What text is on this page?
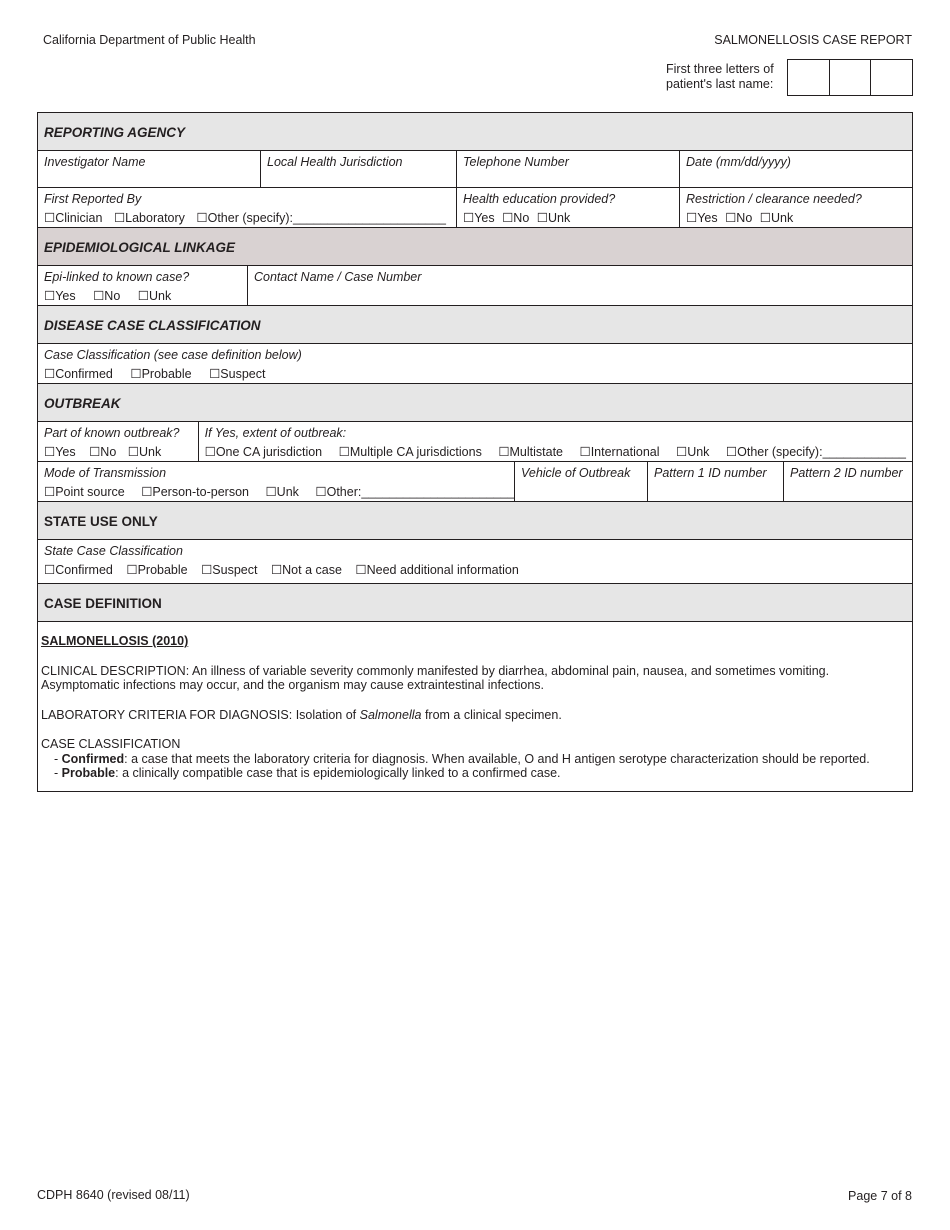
California Department of Public Health	SALMONELLOSIS CASE REPORT
First three letters of patient's last name:
REPORTING AGENCY
Investigator Name	Local Health Jurisdiction	Telephone Number	Date (mm/dd/yyyy)
First Reported By
☐Clinician ☐Laboratory ☐Other (specify):______________________
Health education provided?
☐Yes ☐No ☐Unk
Restriction / clearance needed?
☐Yes ☐No ☐Unk
EPIDEMIOLOGICAL LINKAGE
Epi-linked to known case?
☐Yes ☐No ☐Unk
Contact Name / Case Number
DISEASE CASE CLASSIFICATION
Case Classification (see case definition below)
☐Confirmed ☐Probable ☐Suspect
OUTBREAK
Part of known outbreak?
☐Yes ☐No ☐Unk
If Yes, extent of outbreak:
☐One CA jurisdiction ☐Multiple CA jurisdictions ☐Multistate ☐International ☐Unk ☐Other (specify):____________
Mode of Transmission
☐Point source ☐Person-to-person ☐Unk ☐Other:______________________
Vehicle of Outbreak	Pattern 1 ID number	Pattern 2 ID number
STATE USE ONLY
State Case Classification
☐Confirmed ☐Probable ☐Suspect ☐Not a case ☐Need additional information
CASE DEFINITION
SALMONELLOSIS (2010)

CLINICAL DESCRIPTION: An illness of variable severity commonly manifested by diarrhea, abdominal pain, nausea, and sometimes vomiting. Asymptomatic infections may occur, and the organism may cause extraintestinal infections.

LABORATORY CRITERIA FOR DIAGNOSIS: Isolation of Salmonella from a clinical specimen.

CASE CLASSIFICATION
- Confirmed: a case that meets the laboratory criteria for diagnosis. When available, O and H antigen serotype characterization should be reported.
- Probable: a clinically compatible case that is epidemiologically linked to a confirmed case.
CDPH 8640 (revised 08/11)	Page 7 of 8
